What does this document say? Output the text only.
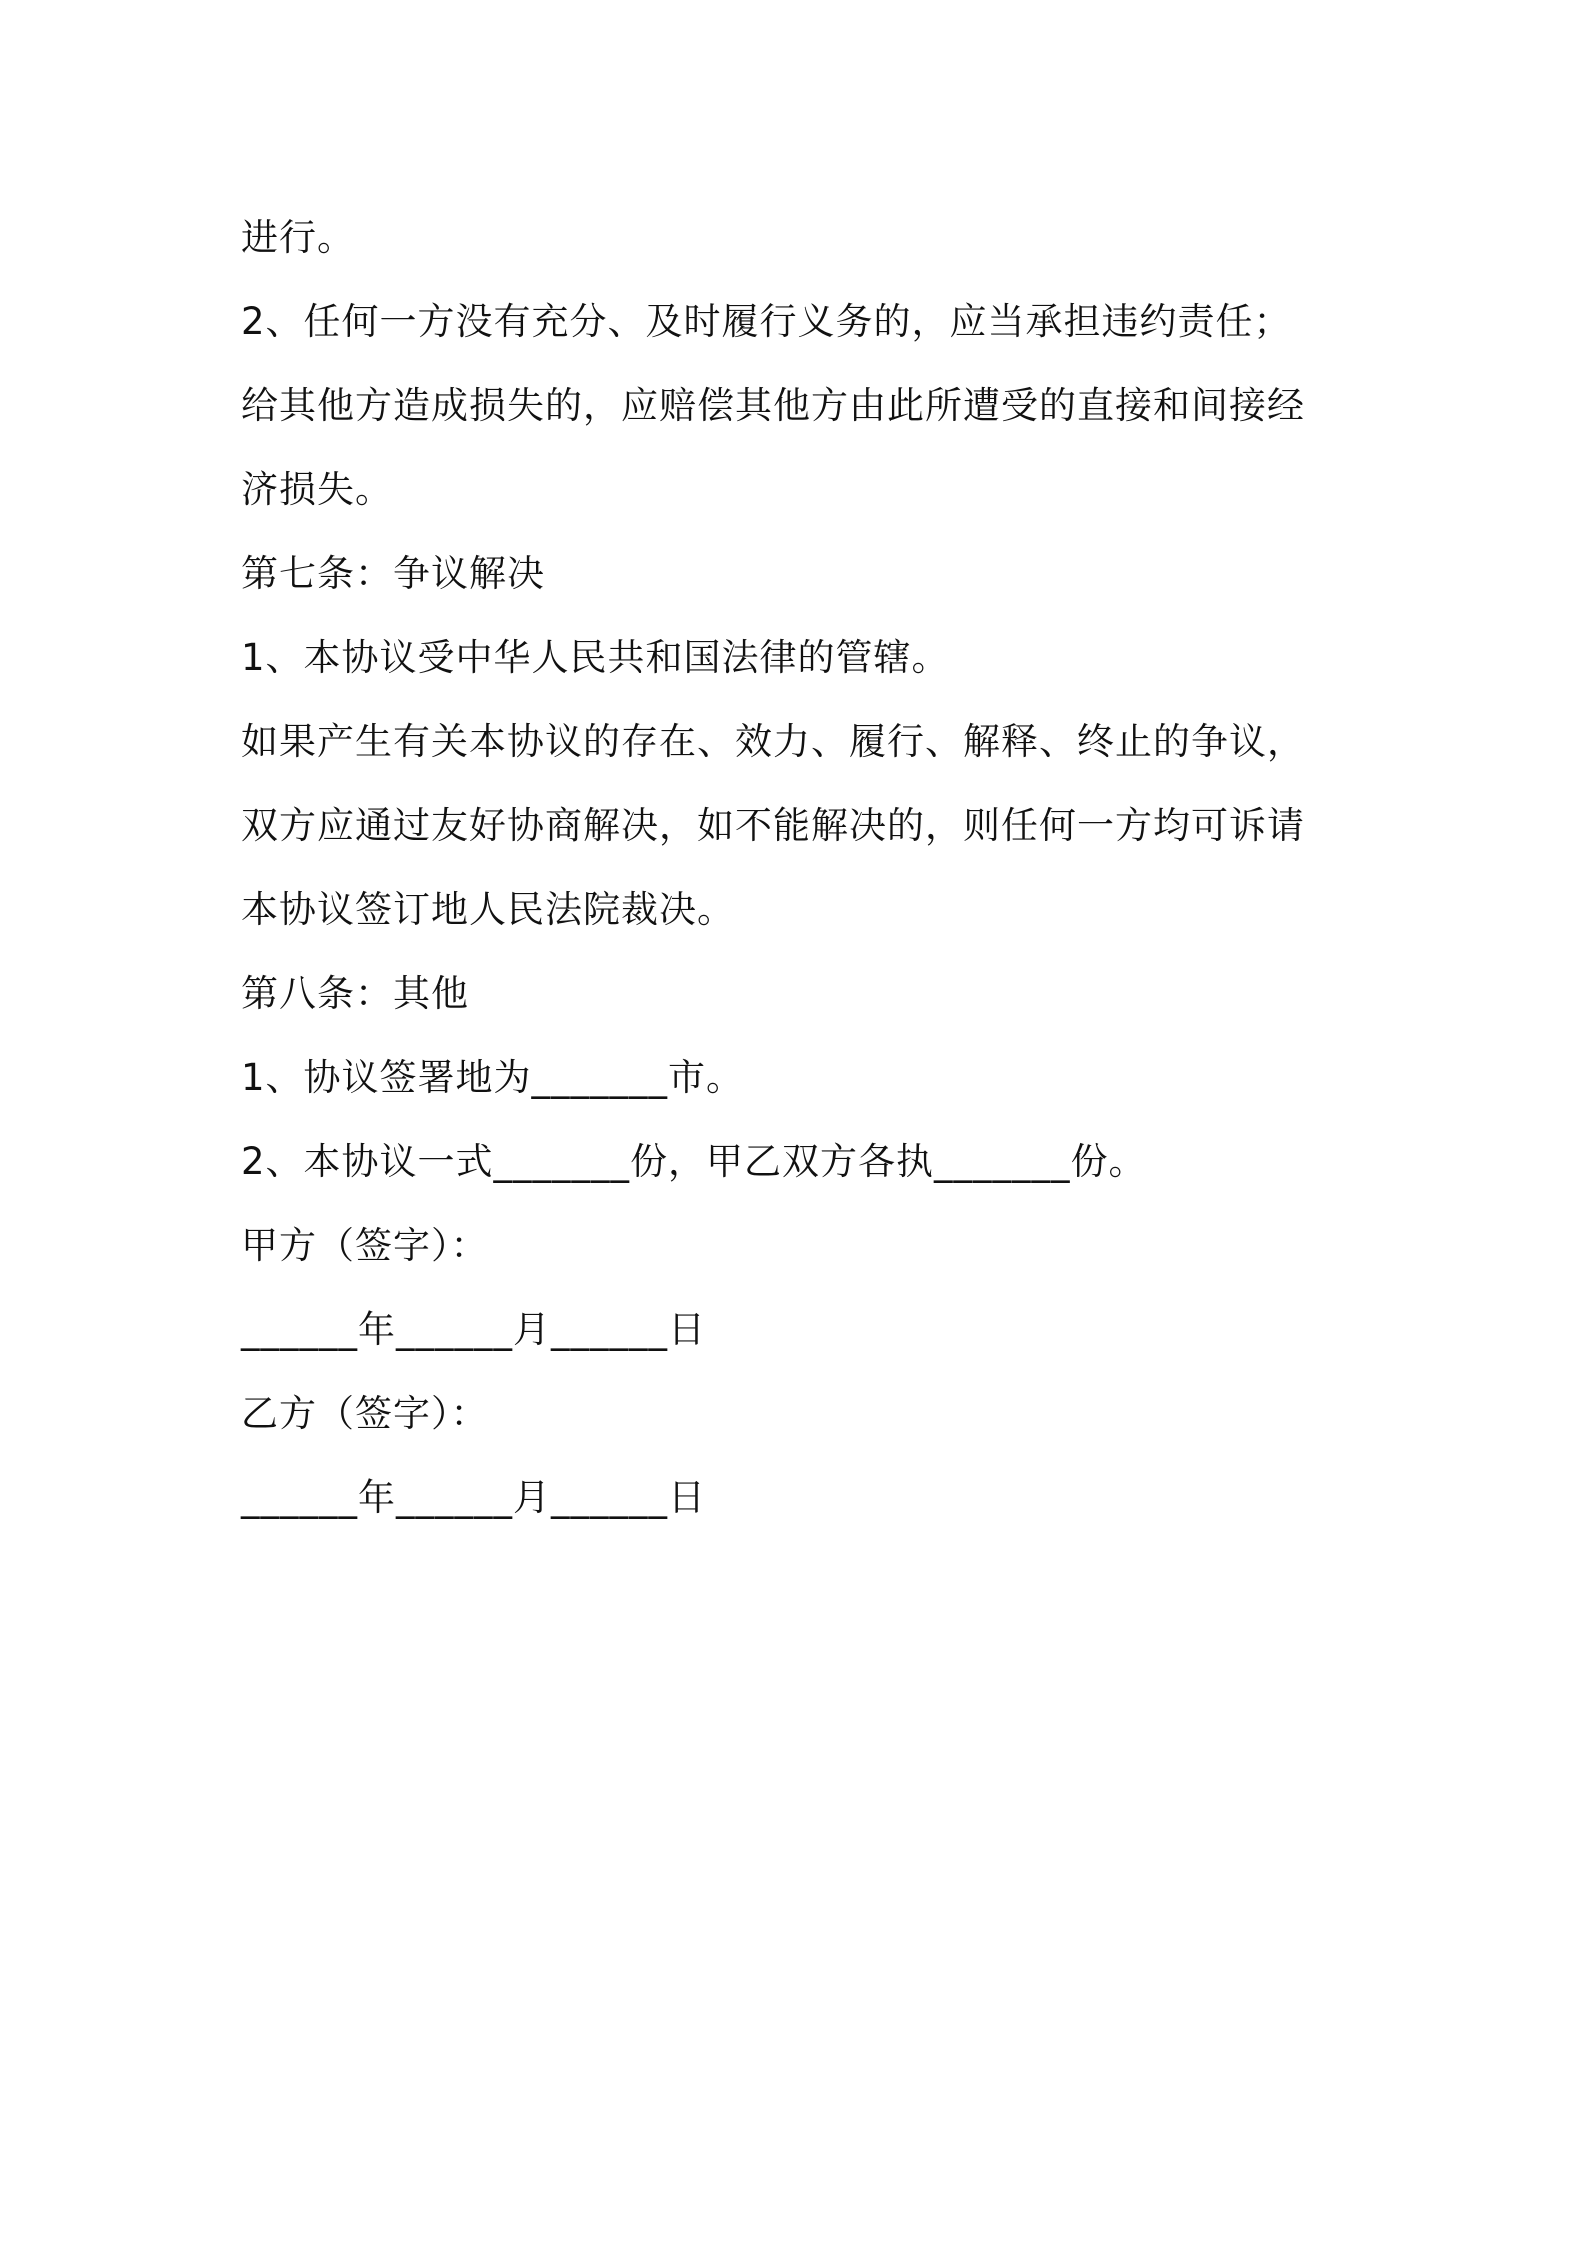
进行。
2、任何一方没有充分、及时履行义务的，应当承担违约责任；
给其他方造成损失的，应赔偿其他方由此所遭受的直接和间接经
济损失。
第七条：争议解决
1、本协议受中华人民共和国法律的管辖。
如果产生有关本协议的存在、效力、履行、解释、终止的争议，
双方应通过友好协商解决，如不能解决的，则任何一方均可诉请
本协议签订地人民法院裁决。
第八条：其他
1、协议签署地为_______市。
2、本协议一式_______份，甲乙双方各执_______份。
甲方（签字）：
______年______月______日
乙方（签字）：
______年______月______日
